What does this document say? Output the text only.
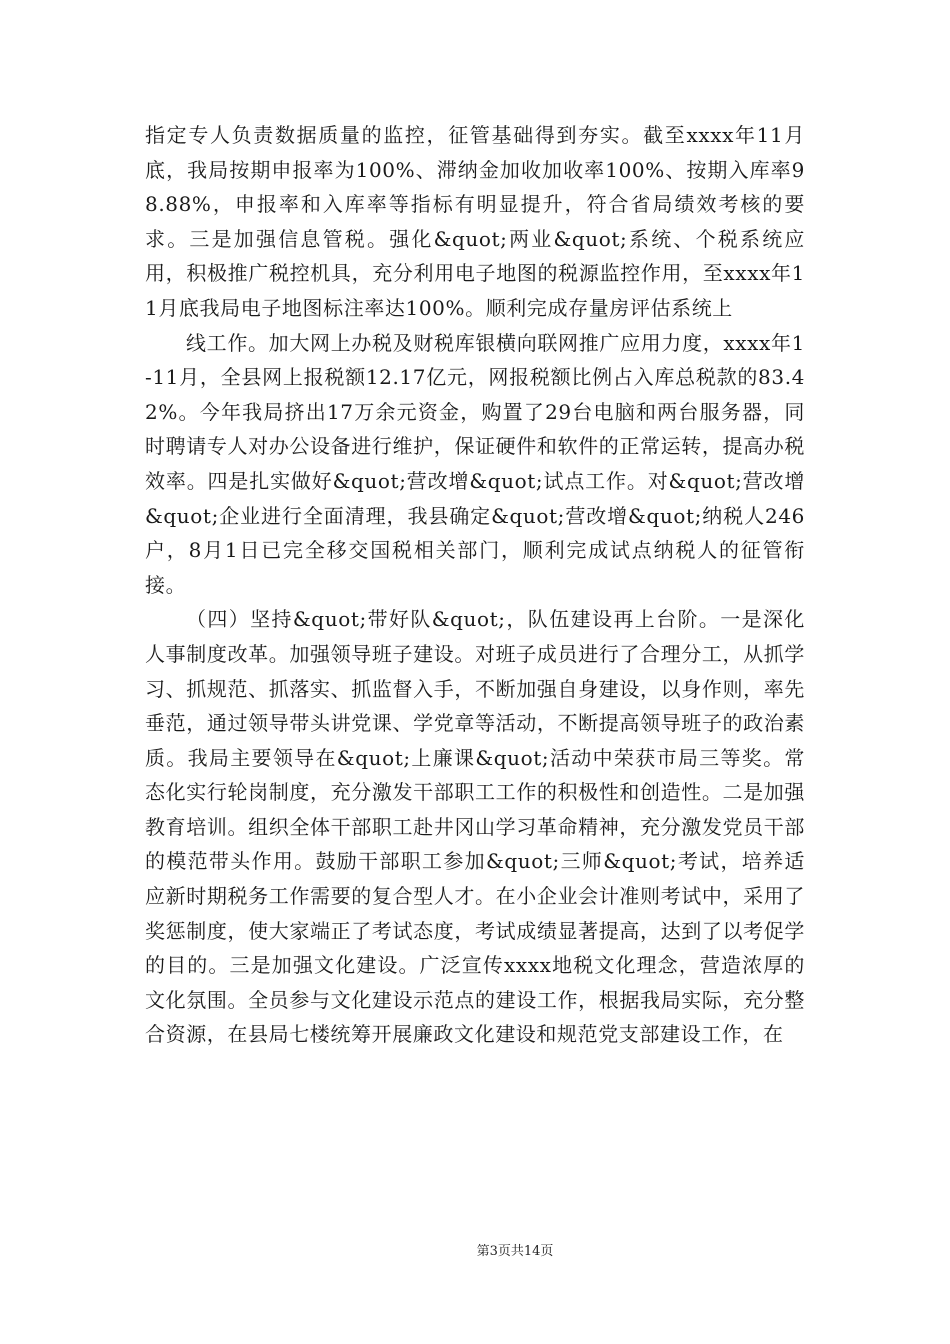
指定专人负责数据质量的监控，征管基础得到夯实。截至xxxx年11月底，我局按期申报率为100%、滞纳金加收加收率100%、按期入库率98.88%，申报率和入库率等指标有明显提升，符合省局绩效考核的要求。三是加强信息管税。强化&quot;两业&quot;系统、个税系统应用，积极推广税控机具，充分利用电子地图的税源监控作用，至xxxx年11月底我局电子地图标注率达100%。顺利完成存量房评估系统上

线工作。加大网上办税及财税库银横向联网推广应用力度，xxxx年1-11月，全县网上报税额12.17亿元，网报税额比例占入库总税款的83.42%。今年我局挤出17万余元资金，购置了29台电脑和两台服务器，同时聘请专人对办公设备进行维护，保证硬件和软件的正常运转，提高办税效率。四是扎实做好&quot;营改增&quot;试点工作。对&quot;营改增&quot;企业进行全面清理，我县确定&quot;营改增&quot;纳税人246户，8月1日已完全移交国税相关部门，顺利完成试点纳税人的征管衔接。

（四）坚持&quot;带好队&quot;，队伍建设再上台阶。一是深化人事制度改革。加强领导班子建设。对班子成员进行了合理分工，从抓学习、抓规范、抓落实、抓监督入手，不断加强自身建设，以身作则，率先垂范，通过领导带头讲党课、学党章等活动，不断提高领导班子的政治素质。我局主要领导在&quot;上廉课&quot;活动中荣获市局三等奖。常态化实行轮岗制度，充分激发干部职工工作的积极性和创造性。二是加强教育培训。组织全体干部职工赴井冈山学习革命精神，充分激发党员干部的模范带头作用。鼓励干部职工参加&quot;三师&quot;考试，培养适应新时期税务工作需要的复合型人才。在小企业会计准则考试中，采用了奖惩制度，使大家端正了考试态度，考试成绩显著提高，达到了以考促学的目的。三是加强文化建设。广泛宣传xxxx地税文化理念，营造浓厚的文化氛围。全员参与文化建设示范点的建设工作，根据我局实际，充分整合资源，在县局七楼统筹开展廉政文化建设和规范党支部建设工作，在

第3页共14页
